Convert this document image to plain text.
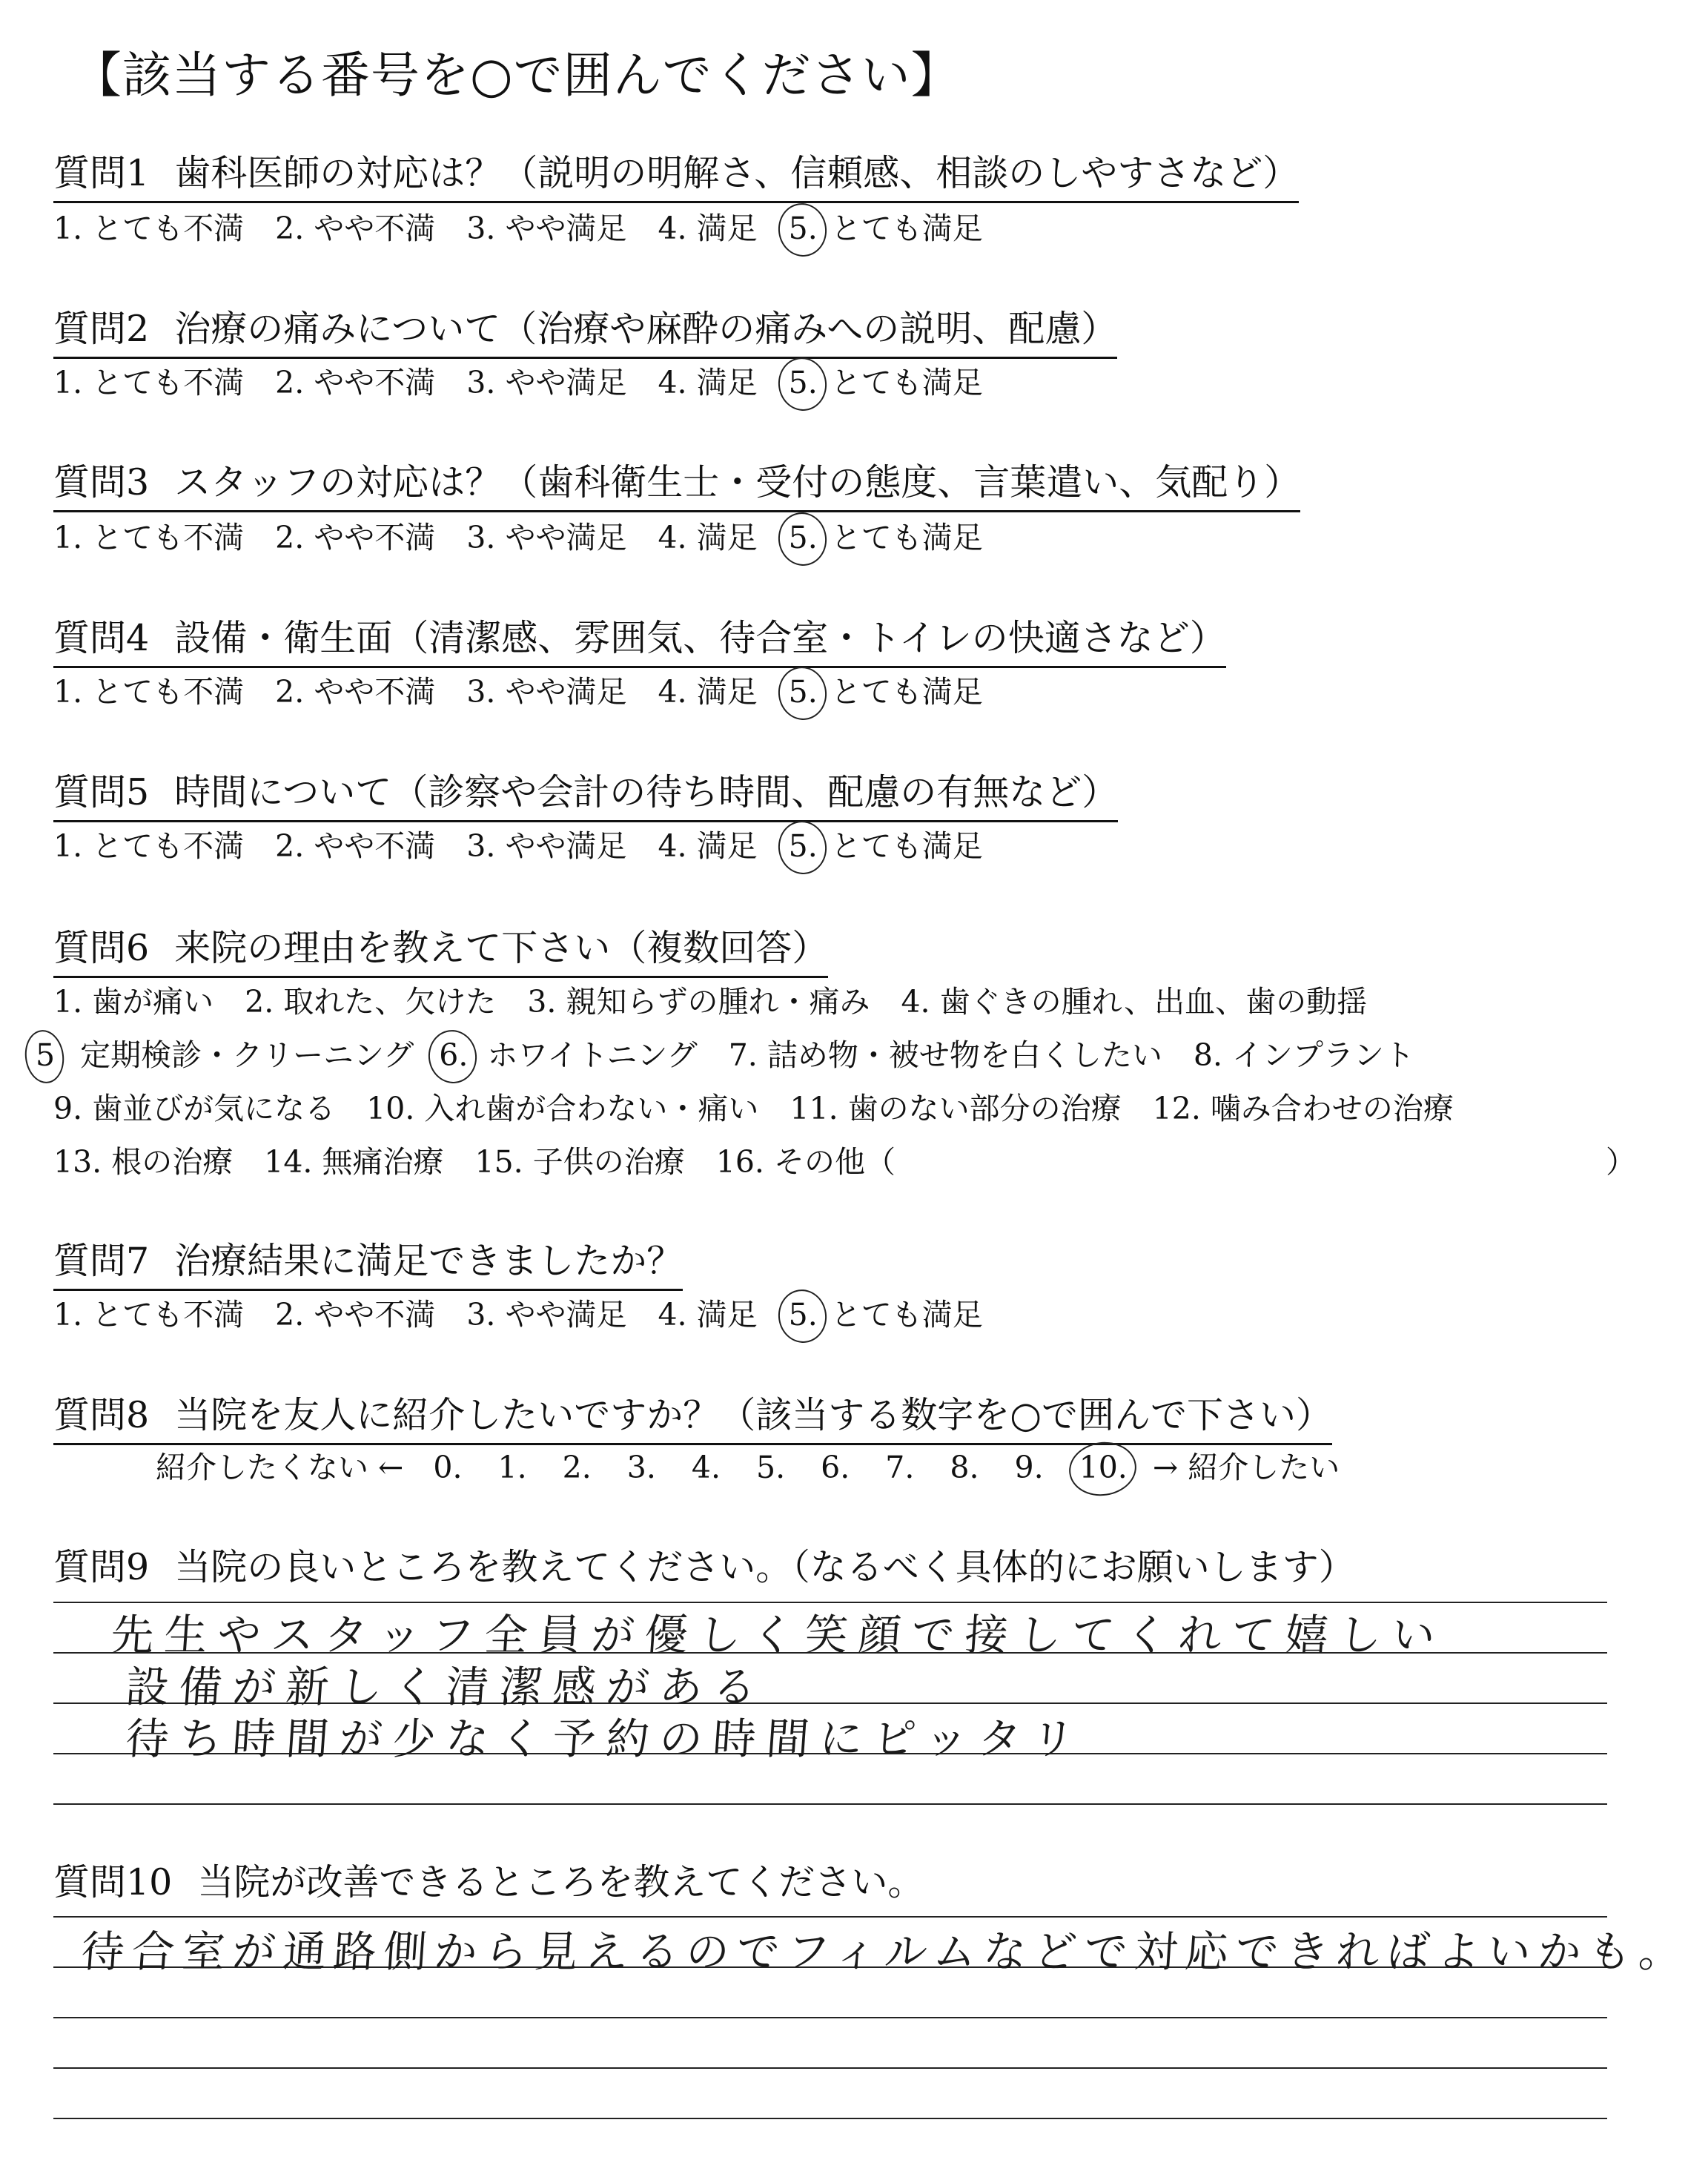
【該当する番号を○で囲んでください】
質問1 歯科医師の対応は？（説明の明解さ、信頼感、相談のしやすさなど）
1. とても不満 2. やや不満 3. やや満足 4. 満足 5. とても満足
質問2 治療の痛みについて（治療や麻酔の痛みへの説明、配慮）
1. とても不満 2. やや不満 3. やや満足 4. 満足 5. とても満足
質問3 スタッフの対応は？（歯科衛生士・受付の態度、言葉遣い、気配り）
1. とても不満 2. やや不満 3. やや満足 4. 満足 5. とても満足
質問4 設備・衛生面（清潔感、雰囲気、待合室・トイレの快適さなど）
1. とても不満 2. やや不満 3. やや満足 4. 満足 5. とても満足
質問5 時間について（診察や会計の待ち時間、配慮の有無など）
1. とても不満 2. やや不満 3. やや満足 4. 満足 5. とても満足
質問6 来院の理由を教えて下さい（複数回答）
1. 歯が痛い 2. 取れた、欠けた 3. 親知らずの腫れ・痛み 4. 歯ぐきの腫れ、出血、歯の動揺
5 定期検診・クリーニング 6. ホワイトニング 7. 詰め物・被せ物を白くしたい 8. インプラント
9. 歯並びが気になる 10. 入れ歯が合わない・痛い 11. 歯のない部分の治療 12. 噛み合わせの治療
13. 根の治療 14. 無痛治療 15. 子供の治療 16. その他（	）
質問7 治療結果に満足できましたか？
1. とても不満 2. やや不満 3. やや満足 4. 満足 5. とても満足
質問8 当院を友人に紹介したいですか？（該当する数字を○で囲んで下さい）
紹介したくない ← 0. 1. 2. 3. 4. 5. 6. 7. 8. 9. 10. → 紹介したい
質問9 当院の良いところを教えてください。（なるべく具体的にお願いします）
先生やスタッフ全員が優しく笑顔で接してくれて嬉しい
設備が新しく清潔感がある
待ち時間が少なく予約の時間にピッタリ
質問10 当院が改善できるところを教えてください。
待合室が通路側から見えるのでフィルムなどで対応できればよいかも。
